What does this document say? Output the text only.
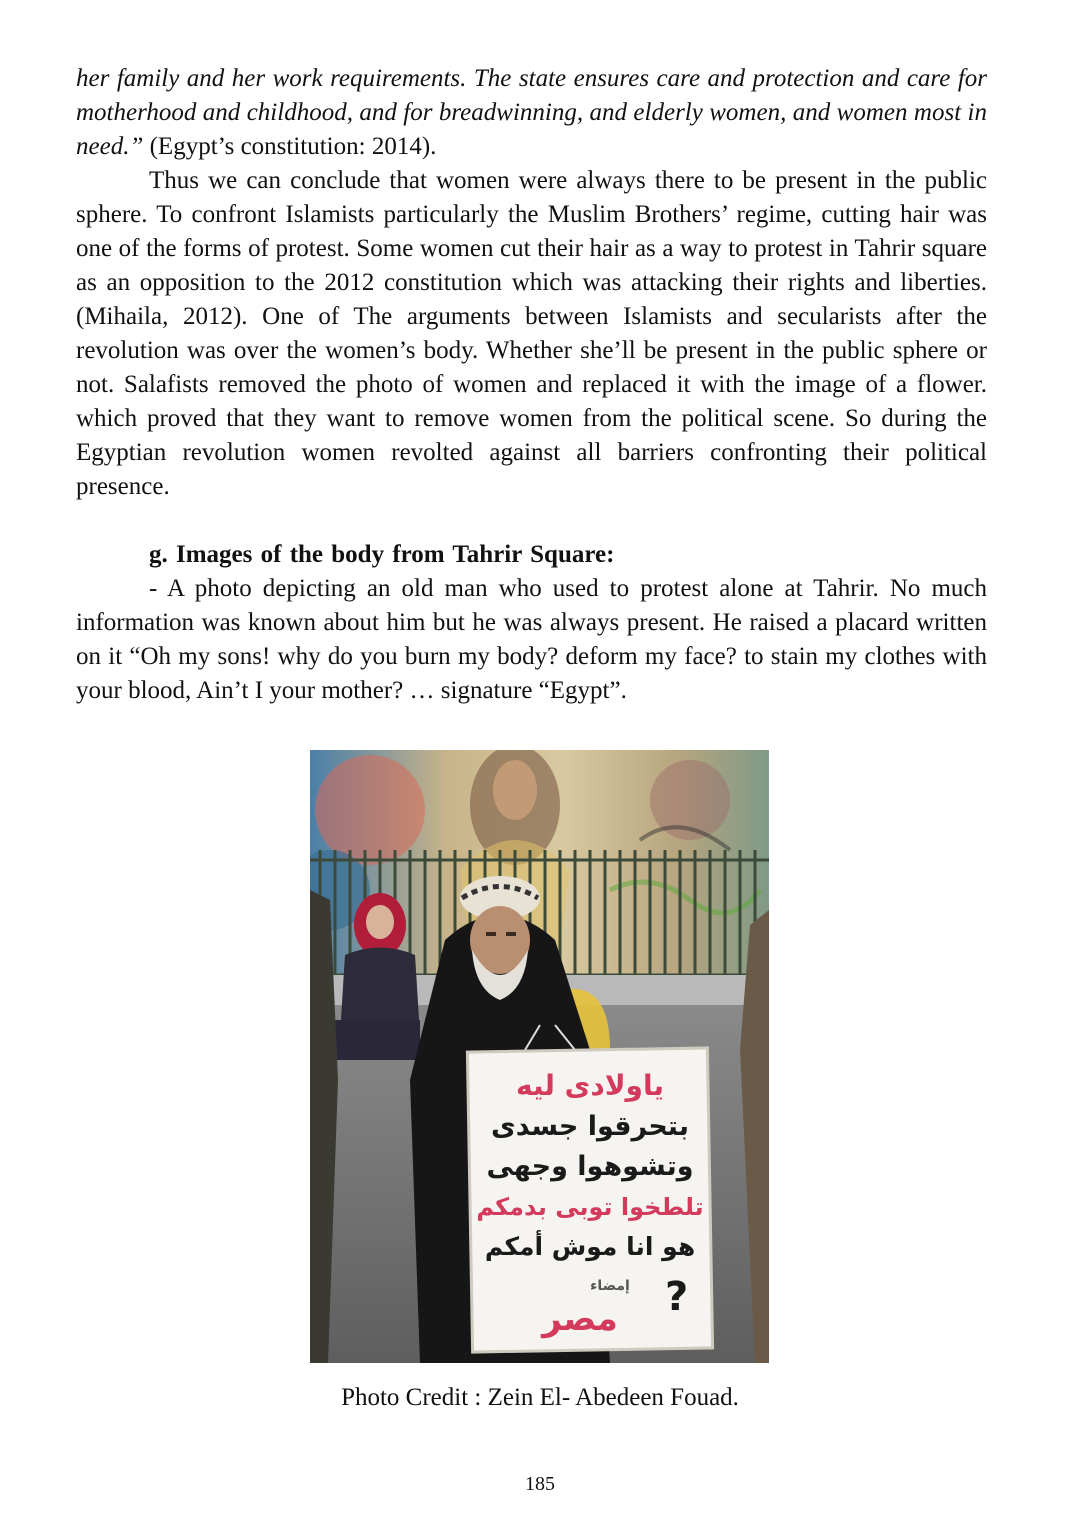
her family and her work requirements. The state ensures care and protection and care for motherhood and childhood, and for breadwinning, and elderly women, and women most in need.” (Egypt’s constitution: 2014).

Thus we can conclude that women were always there to be present in the public sphere. To confront Islamists particularly the Muslim Brothers’ regime, cutting hair was one of the forms of protest. Some women cut their hair as a way to protest in Tahrir square as an opposition to the 2012 constitution which was attacking their rights and liberties. (Mihaila, 2012). One of The arguments between Islamists and secularists after the revolution was over the women’s body. Whether she’ll be present in the public sphere or not. Salafists removed the photo of women and replaced it with the image of a flower. which proved that they want to remove women from the political scene. So during the Egyptian revolution women revolted against all barriers confronting their political presence.

g. Images of the body from Tahrir Square:

- A photo depicting an old man who used to protest alone at Tahrir. No much information was known about him but he was always present. He raised a placard written on it “Oh my sons! why do you burn my body? deform my face? to stain my clothes with your blood, Ain’t I your mother? … signature “Egypt”.

ياولادى ليه
بتحرقوا جسدى
وتشوهوا وجهى
تلطخوا توبى بدمكم
هو انا موش أمكم
إمضاء
مصر ?
Photo Credit : Zein El- Abedeen Fouad.
185
